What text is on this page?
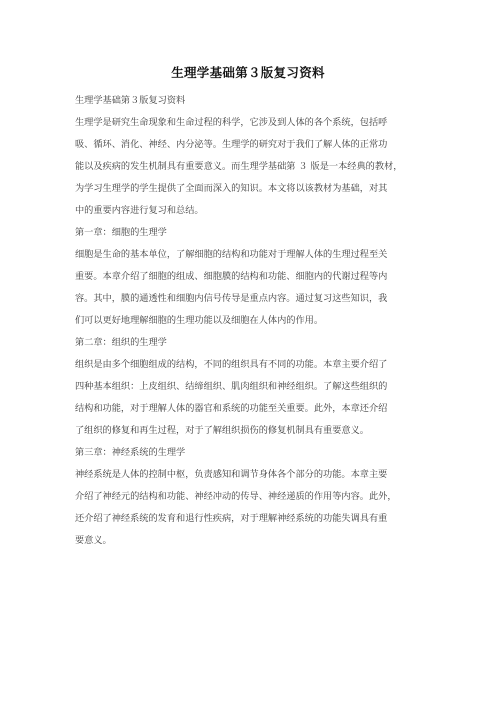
生理学基础第３版复习资料
生理学基础第３版复习资料
生理学是研究生命现象和生命过程的科学，它涉及到人体的各个系统，包括呼
吸、循环、消化、神经、内分泌等。生理学的研究对于我们了解人体的正常功
能以及疾病的发生机制具有重要意义。而生理学基础第 ３ 版是一本经典的教材，
为学习生理学的学生提供了全面而深入的知识。本文将以该教材为基础，对其
中的重要内容进行复习和总结。
第一章：细胞的生理学
细胞是生命的基本单位，了解细胞的结构和功能对于理解人体的生理过程至关
重要。本章介绍了细胞的组成、细胞膜的结构和功能、细胞内的代谢过程等内
容。其中，膜的通透性和细胞内信号传导是重点内容。通过复习这些知识，我
们可以更好地理解细胞的生理功能以及细胞在人体内的作用。
第二章：组织的生理学
组织是由多个细胞组成的结构，不同的组织具有不同的功能。本章主要介绍了
四种基本组织：上皮组织、结缔组织、肌肉组织和神经组织。了解这些组织的
结构和功能，对于理解人体的器官和系统的功能至关重要。此外，本章还介绍
了组织的修复和再生过程，对于了解组织损伤的修复机制具有重要意义。
第三章：神经系统的生理学
神经系统是人体的控制中枢，负责感知和调节身体各个部分的功能。本章主要
介绍了神经元的结构和功能、神经冲动的传导、神经递质的作用等内容。此外，
还介绍了神经系统的发育和退行性疾病，对于理解神经系统的功能失调具有重
要意义。
